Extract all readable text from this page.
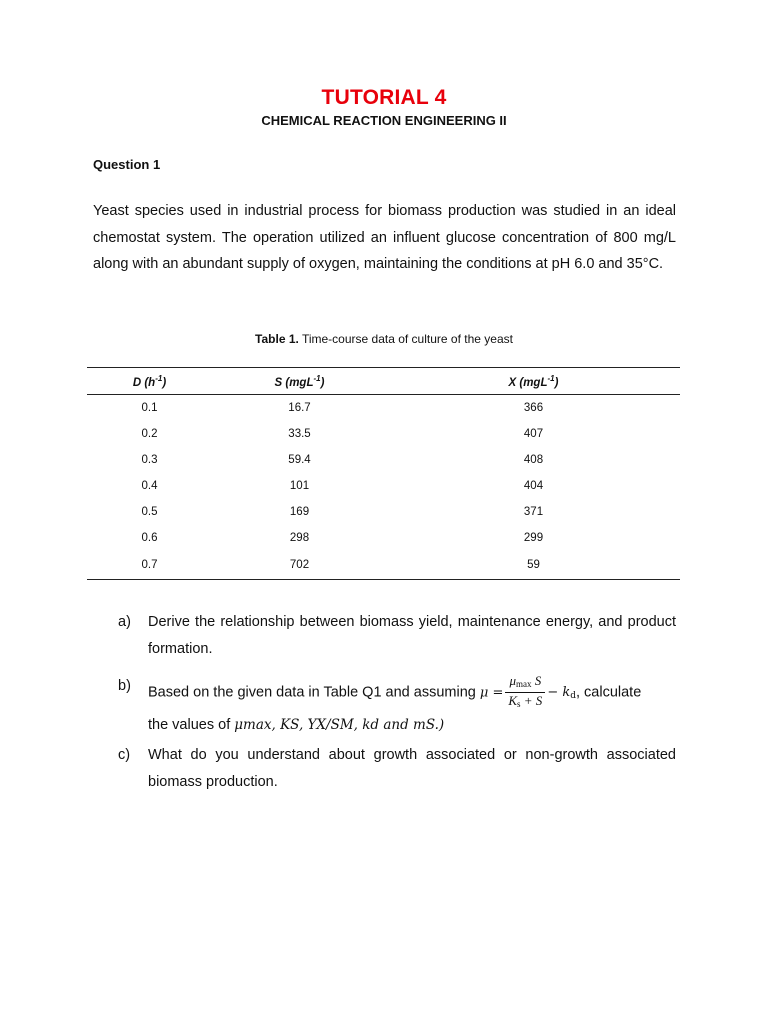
TUTORIAL 4
CHEMICAL REACTION ENGINEERING II
Question 1

Yeast species used in industrial process for biomass production was studied in an ideal chemostat system. The operation utilized an influent glucose concentration of 800 mg/L along with an abundant supply of oxygen, maintaining the conditions at pH 6.0 and 35°C.

Table 1. Time-course data of culture of the yeast
D $(h^{-1})$	S (mgL$^{-1}$)	X (mgL$^{-1}$)
0.1	16.7	366
0.2	33.5	407
0.3	59.4	408
0.4	101	404
0.5	169	371
0.6	298	299
0.7	702	59
a)	Derive the relationship between biomass yield, maintenance energy, and product formation.
b)	Based on the given data in Table Q1 and assuming $\mu = \frac{\mu_{max} S}{K_s + S} - k_d$, calculate
the values of μmax, KS, YX/SM, kd and mS.)
c)	What do you understand about growth associated or non-growth associated biomass production.
